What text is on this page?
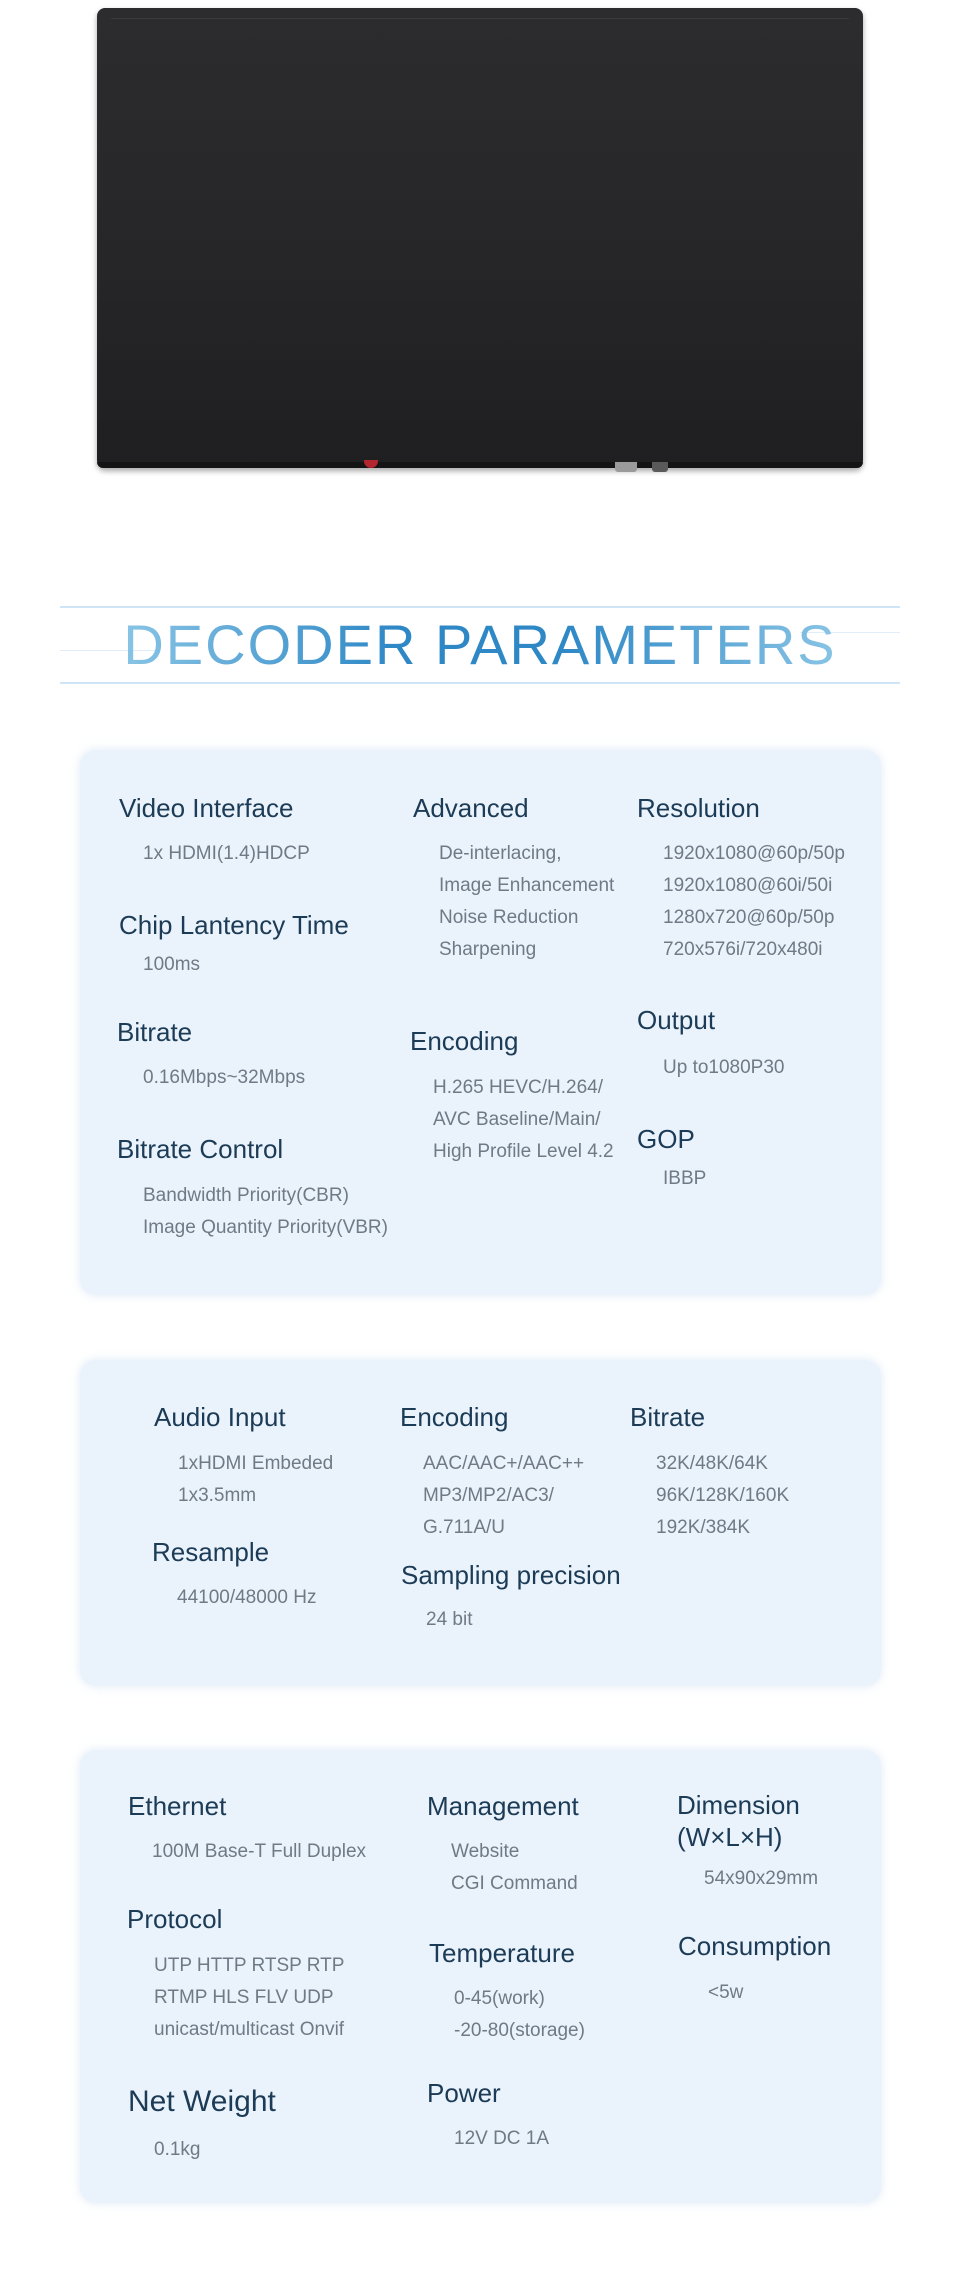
DECODER PARAMETERS
Video Interface
1x HDMI(1.4)HDCP
Chip Lantency Time
100ms
Bitrate
0.16Mbps~32Mbps
Bitrate Control
Bandwidth Priority(CBR)
Image Quantity Priority(VBR)
Advanced
De-interlacing,
Image Enhancement
Noise Reduction
Sharpening
Encoding
H.265 HEVC/H.264/
AVC Baseline/Main/
High Profile Level 4.2
Resolution
1920x1080@60p/50p
1920x1080@60i/50i
1280x720@60p/50p
720x576i/720x480i
Output
Up to1080P30
GOP
IBBP
Audio Input
1xHDMI Embeded
1x3.5mm
Resample
44100/48000 Hz
Encoding
AAC/AAC+/AAC++
MP3/MP2/AC3/
G.711A/U
Sampling precision
24 bit
Bitrate
32K/48K/64K
96K/128K/160K
192K/384K
Ethernet
100M Base-T Full Duplex
Protocol
UTP HTTP RTSP RTP
RTMP HLS FLV UDP
unicast/multicast Onvif
Net Weight
0.1kg
Management
Website
CGI Command
Temperature
0-45(work)
-20-80(storage)
Power
12V DC 1A
Dimension
(W×L×H)
54x90x29mm
Consumption
<5w
